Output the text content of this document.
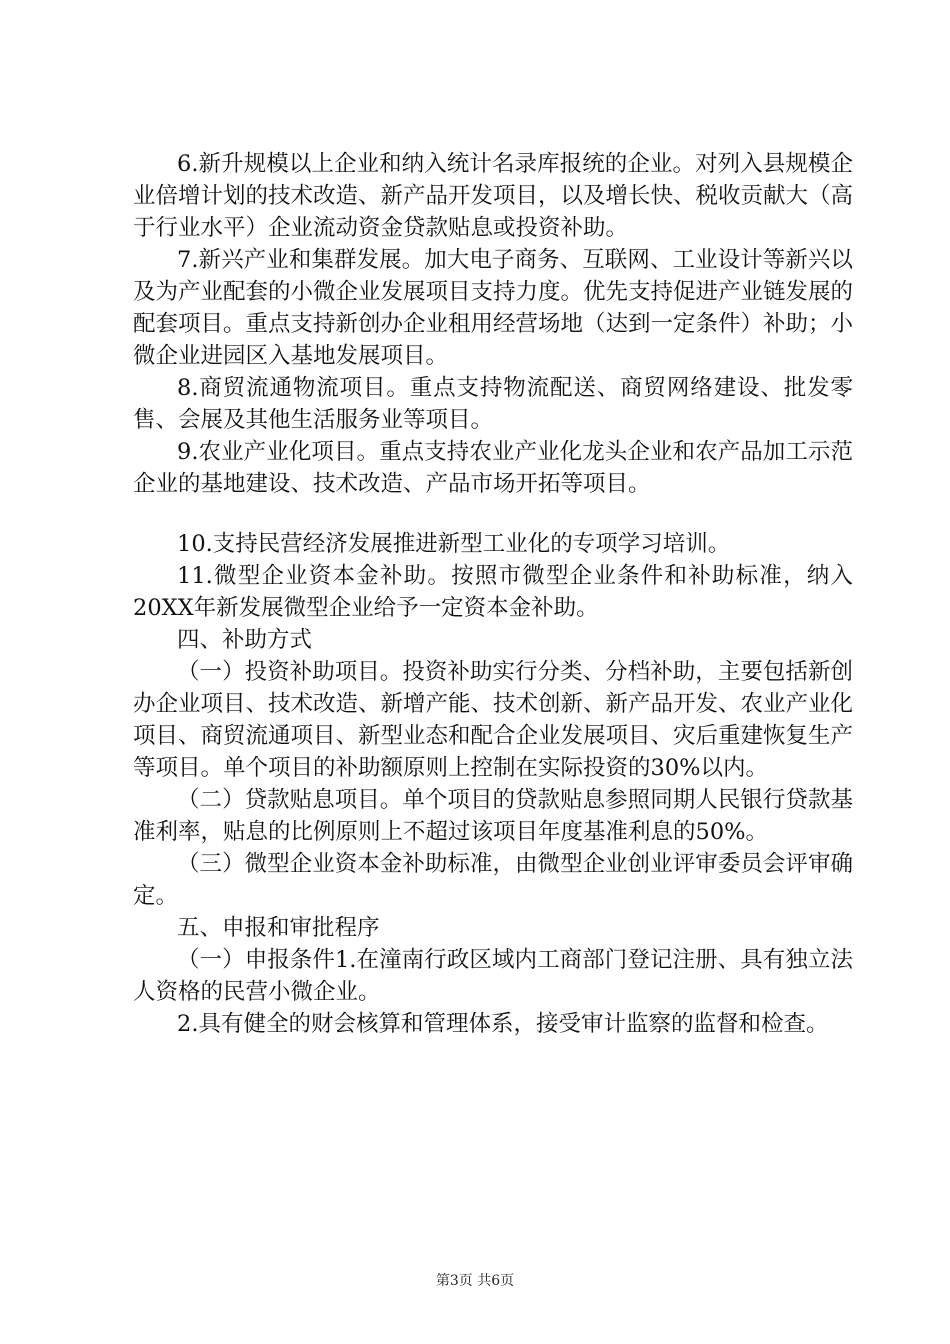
6.新升规模以上企业和纳入统计名录库报统的企业。对列入县规模企业倍增计划的技术改造、新产品开发项目，以及增长快、税收贡献大（高于行业水平）企业流动资金贷款贴息或投资补助。

7.新兴产业和集群发展。加大电子商务、互联网、工业设计等新兴以及为产业配套的小微企业发展项目支持力度。优先支持促进产业链发展的配套项目。重点支持新创办企业租用经营场地（达到一定条件）补助；小微企业进园区入基地发展项目。

8.商贸流通物流项目。重点支持物流配送、商贸网络建设、批发零售、会展及其他生活服务业等项目。

9.农业产业化项目。重点支持农业产业化龙头企业和农产品加工示范企业的基地建设、技术改造、产品市场开拓等项目。

10.支持民营经济发展推进新型工业化的专项学习培训。

11.微型企业资本金补助。按照市微型企业条件和补助标准，纳入20XX年新发展微型企业给予一定资本金补助。

四、补助方式

（一）投资补助项目。投资补助实行分类、分档补助，主要包括新创办企业项目、技术改造、新增产能、技术创新、新产品开发、农业产业化项目、商贸流通项目、新型业态和配合企业发展项目、灾后重建恢复生产等项目。单个项目的补助额原则上控制在实际投资的30%以内。

（二）贷款贴息项目。单个项目的贷款贴息参照同期人民银行贷款基准利率，贴息的比例原则上不超过该项目年度基准利息的50%。

（三）微型企业资本金补助标准，由微型企业创业评审委员会评审确定。

五、申报和审批程序

（一）申报条件1.在潼南行政区域内工商部门登记注册、具有独立法人资格的民营小微企业。

2.具有健全的财会核算和管理体系，接受审计监察的监督和检查。

第3页 共6页
